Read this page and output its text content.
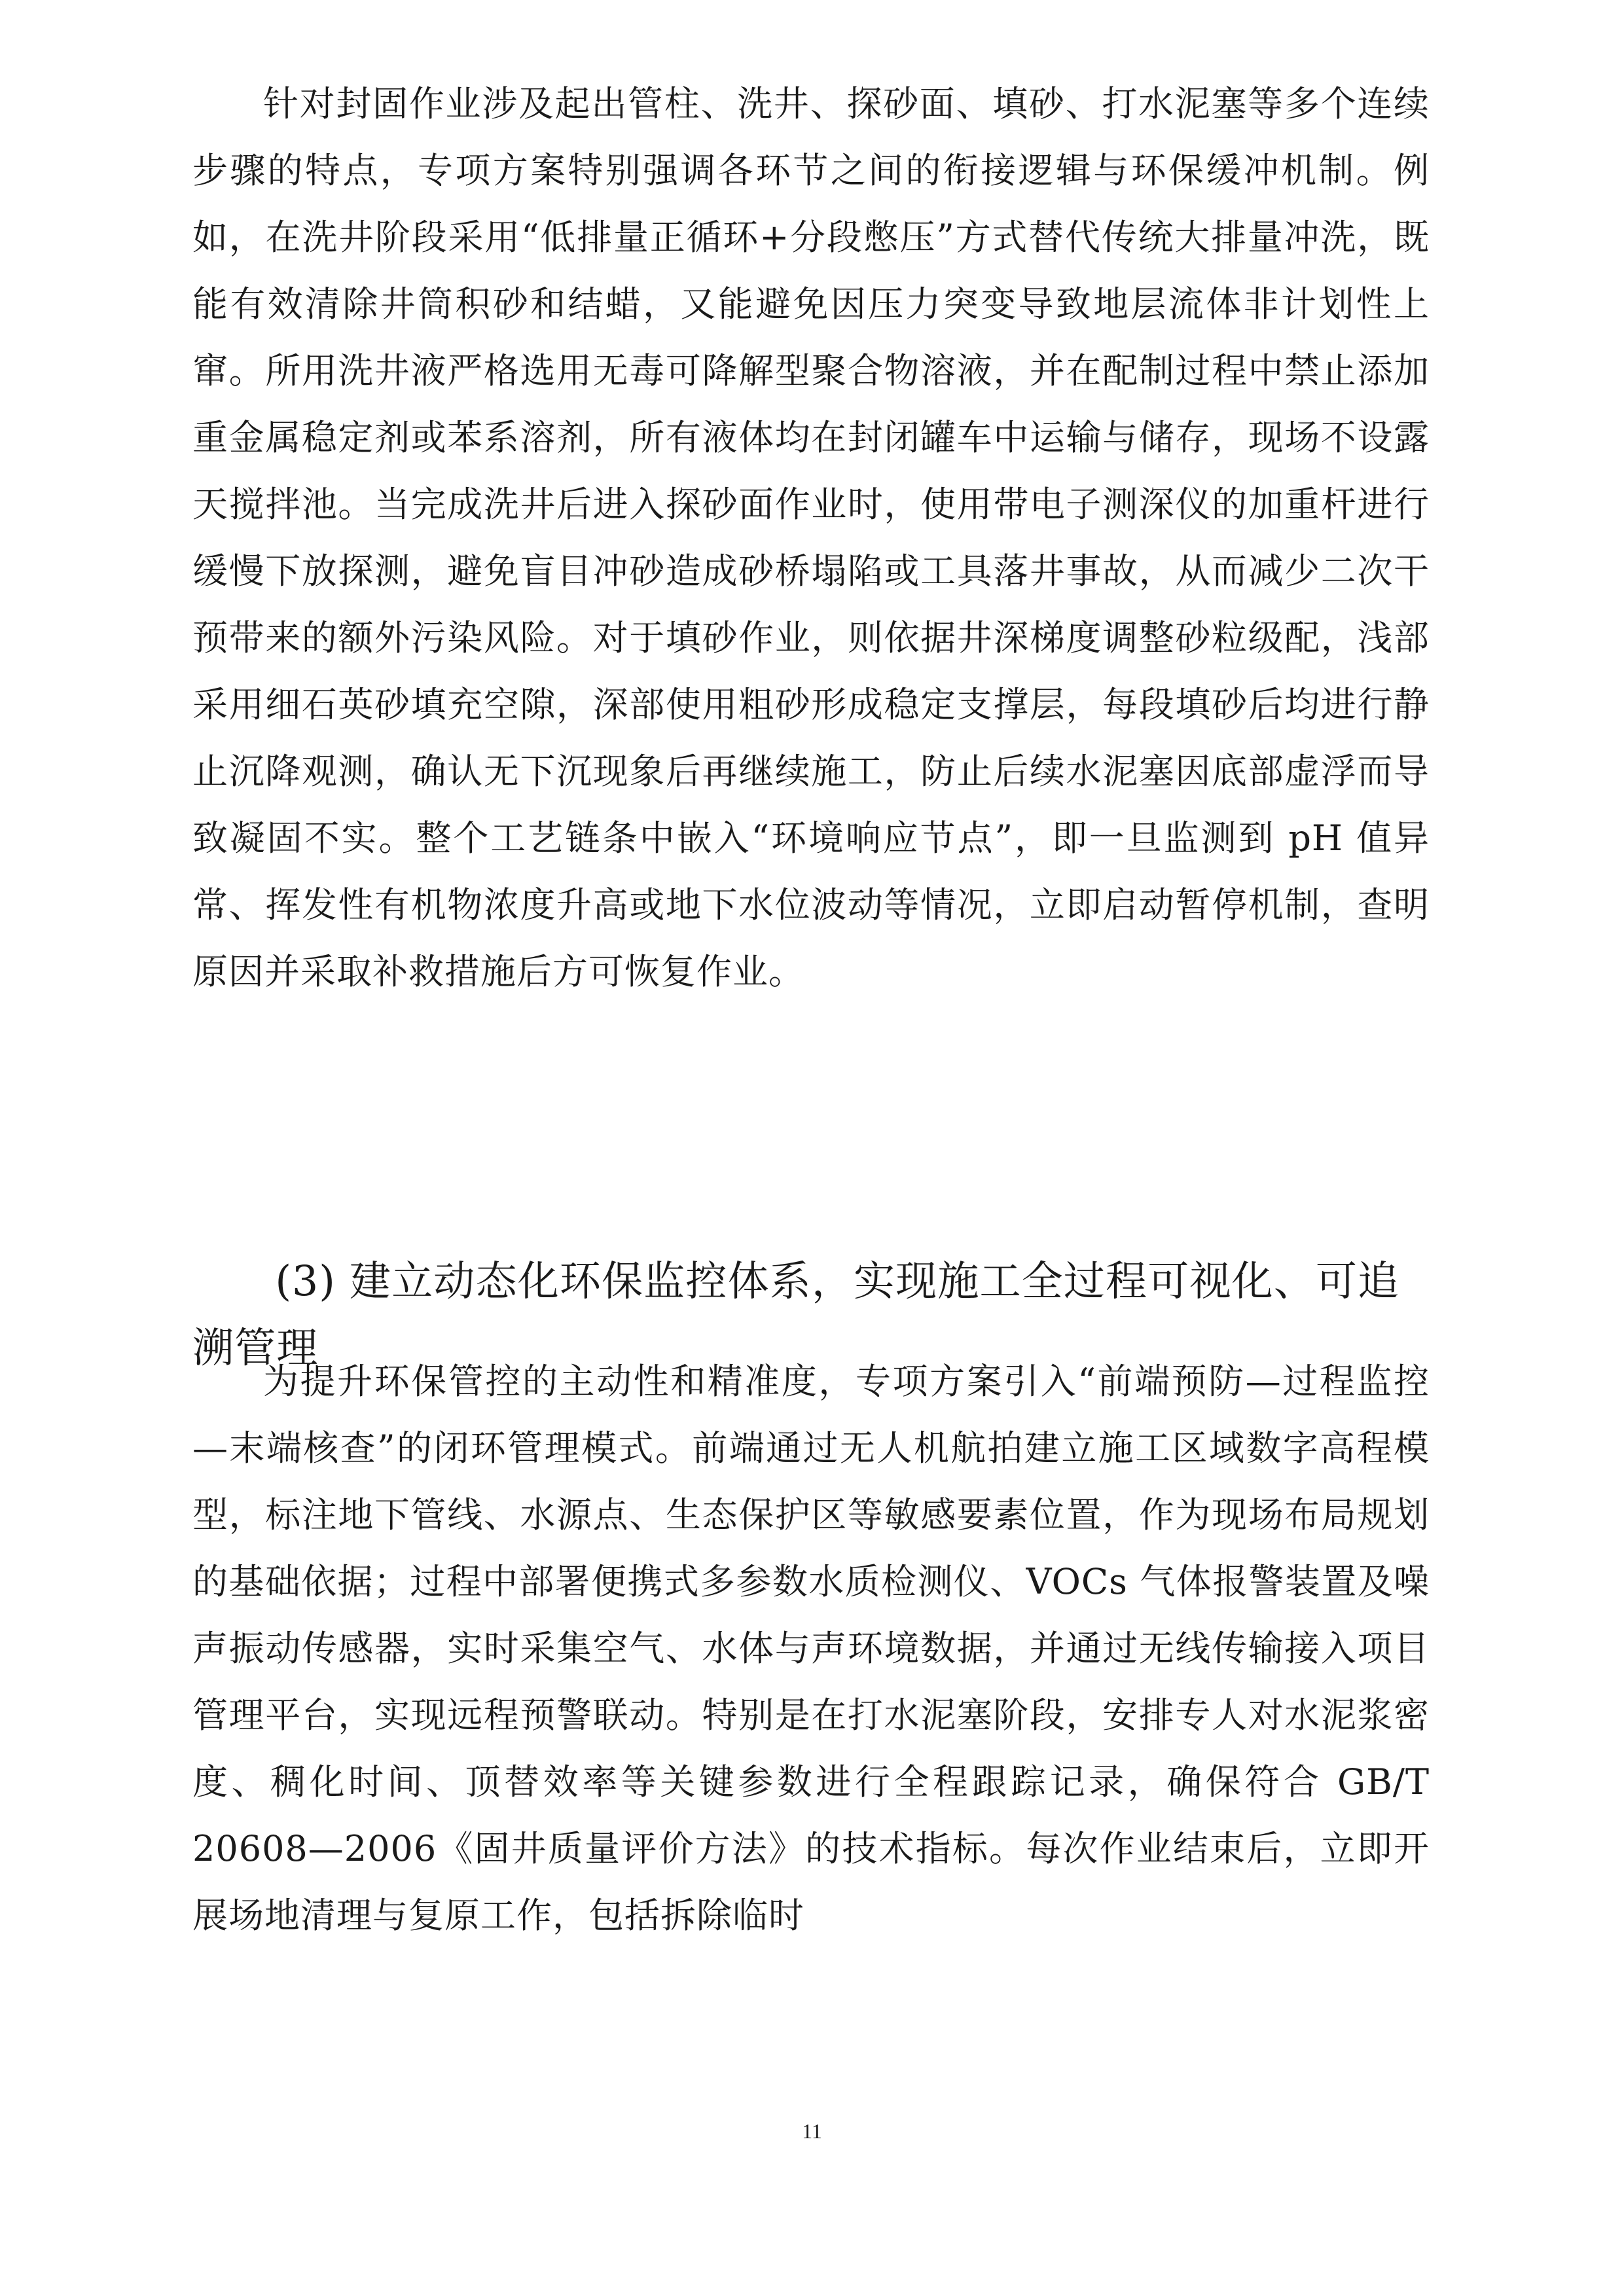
针对封固作业涉及起出管柱、洗井、探砂面、填砂、打水泥塞等多个连续步骤的特点，专项方案特别强调各环节之间的衔接逻辑与环保缓冲机制。例如，在洗井阶段采用“低排量正循环+分段憋压”方式替代传统大排量冲洗，既能有效清除井筒积砂和结蜡，又能避免因压力突变导致地层流体非计划性上窜。所用洗井液严格选用无毒可降解型聚合物溶液，并在配制过程中禁止添加重金属稳定剂或苯系溶剂，所有液体均在封闭罐车中运输与储存，现场不设露天搅拌池。当完成洗井后进入探砂面作业时，使用带电子测深仪的加重杆进行缓慢下放探测，避免盲目冲砂造成砂桥塌陷或工具落井事故，从而减少二次干预带来的额外污染风险。对于填砂作业，则依据井深梯度调整砂粒级配，浅部采用细石英砂填充空隙，深部使用粗砂形成稳定支撑层，每段填砂后均进行静止沉降观测，确认无下沉现象后再继续施工，防止后续水泥塞因底部虚浮而导致凝固不实。整个工艺链条中嵌入“环境响应节点”，即一旦监测到 pH 值异常、挥发性有机物浓度升高或地下水位波动等情况，立即启动暂停机制，查明原因并采取补救措施后方可恢复作业。

(3) 建立动态化环保监控体系，实现施工全过程可视化、可追溯管理

为提升环保管控的主动性和精准度，专项方案引入“前端预防—过程监控—末端核查”的闭环管理模式。前端通过无人机航拍建立施工区域数字高程模型，标注地下管线、水源点、生态保护区等敏感要素位置，作为现场布局规划的基础依据；过程中部署便携式多参数水质检测仪、VOCs 气体报警装置及噪声振动传感器，实时采集空气、水体与声环境数据，并通过无线传输接入项目管理平台，实现远程预警联动。特别是在打水泥塞阶段，安排专人对水泥浆密度、稠化时间、顶替效率等关键参数进行全程跟踪记录，确保符合 GB/T 20608—2006《固井质量评价方法》的技术指标。每次作业结束后，立即开展场地清理与复原工作，包括拆除临时

11
